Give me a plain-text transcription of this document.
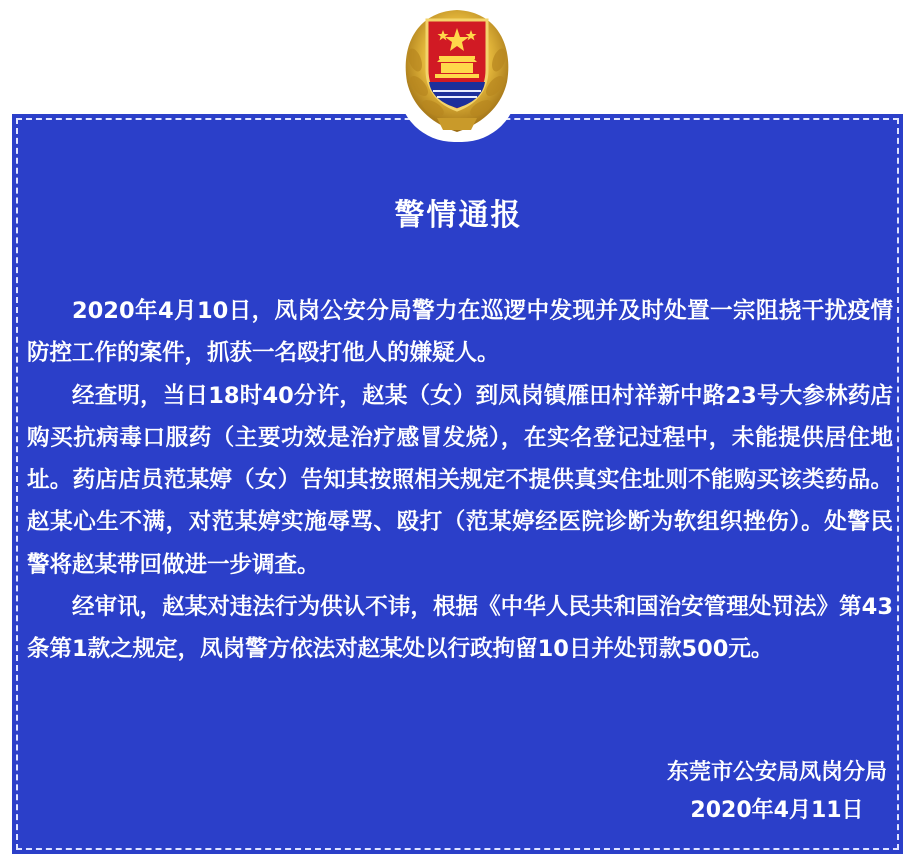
警情通报

2020年4月10日，凤岗公安分局警力在巡逻中发现并及时处置一宗阻挠干扰疫情防控工作的案件，抓获一名殴打他人的嫌疑人。

经查明，当日18时40分许，赵某（女）到凤岗镇雁田村祥新中路23号大参林药店购买抗病毒口服药（主要功效是治疗感冒发烧），在实名登记过程中，未能提供居住地址。药店店员范某婷（女）告知其按照相关规定不提供真实住址则不能购买该类药品。赵某心生不满，对范某婷实施辱骂、殴打（范某婷经医院诊断为软组织挫伤）。处警民警将赵某带回做进一步调查。

经审讯，赵某对违法行为供认不讳，根据《中华人民共和国治安管理处罚法》第43条第1款之规定，凤岗警方依法对赵某处以行政拘留10日并处罚款500元。

东莞市公安局凤岗分局
2020年4月11日
